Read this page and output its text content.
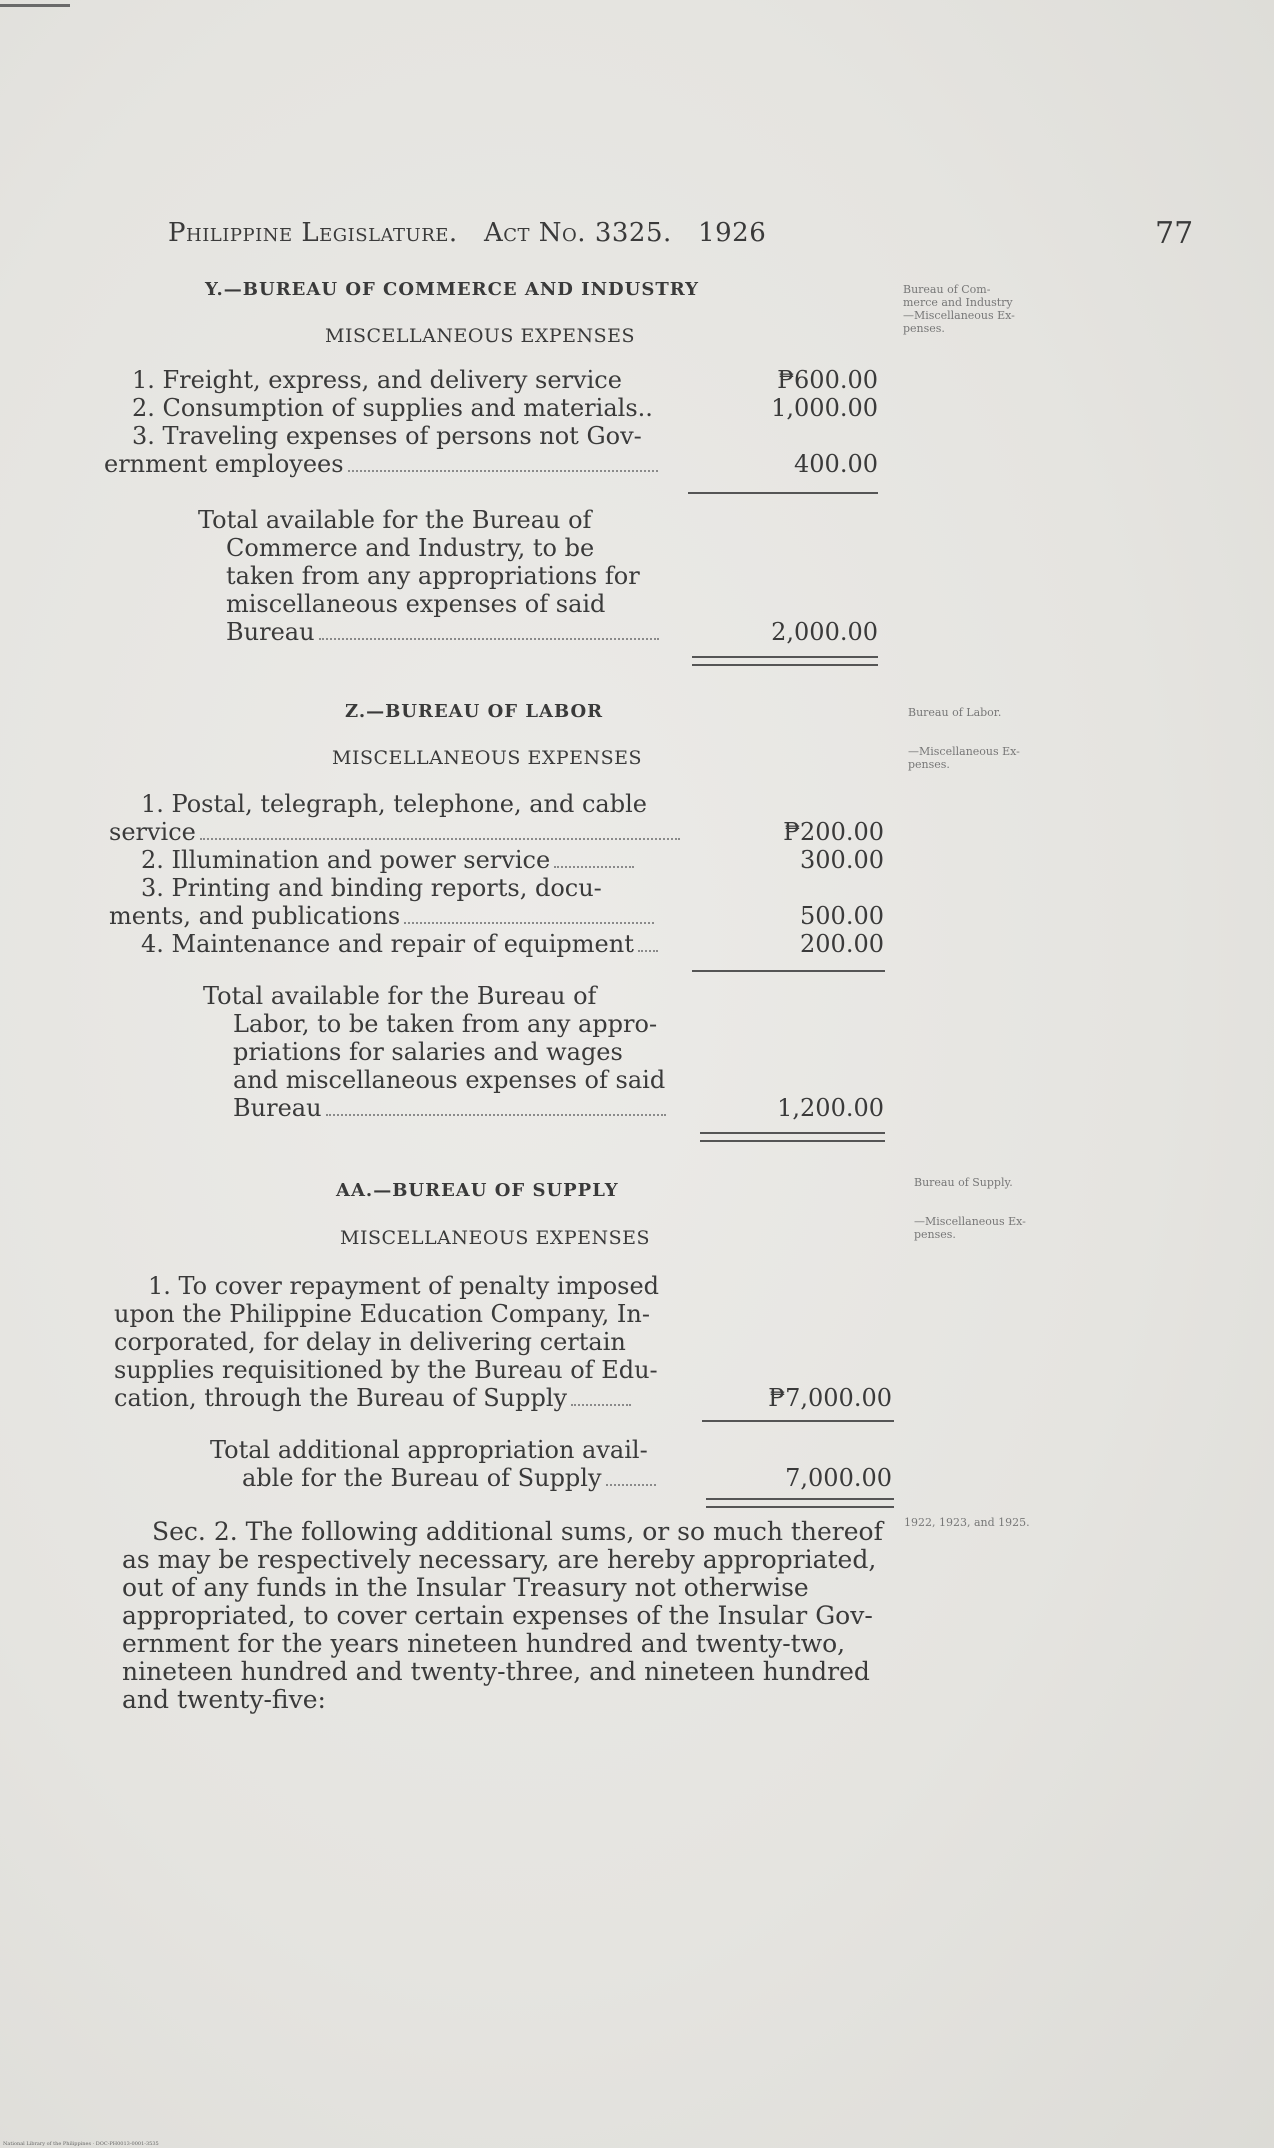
Philippine Legislature. Act No. 3325. 1926	77
Y.—BUREAU OF COMMERCE AND INDUSTRY
MISCELLANEOUS EXPENSES
Bureau of Com-
merce and Industry
—Miscellaneous Ex-
penses.
1. Freight, express, and delivery service	₱600.00
2. Consumption of supplies and materials..	1,000.00
3. Traveling expenses of persons not Gov-
ernment employees	400.00
Total available for the Bureau of
Commerce and Industry, to be
taken from any appropriations for
miscellaneous expenses of said
Bureau	2,000.00
Z.—BUREAU OF LABOR
MISCELLANEOUS EXPENSES
Bureau of Labor.
—Miscellaneous Ex-
penses.
1. Postal, telegraph, telephone, and cable
service	₱200.00
2. Illumination and power service	300.00
3. Printing and binding reports, docu-
ments, and publications	500.00
4. Maintenance and repair of equipment	200.00
Total available for the Bureau of
Labor, to be taken from any appro-
priations for salaries and wages
and miscellaneous expenses of said
Bureau	1,200.00
AA.—BUREAU OF SUPPLY
MISCELLANEOUS EXPENSES
Bureau of Supply.
—Miscellaneous Ex-
penses.
1. To cover repayment of penalty imposed
upon the Philippine Education Company, In-
corporated, for delay in delivering certain
supplies requisitioned by the Bureau of Edu-
cation, through the Bureau of Supply	₱7,000.00
Total additional appropriation avail-
able for the Bureau of Supply	7,000.00
1922, 1923, and 1925.
Sec. 2. The following additional sums, or so much thereof
as may be respectively necessary, are hereby appropriated,
out of any funds in the Insular Treasury not otherwise
appropriated, to cover certain expenses of the Insular Gov-
ernment for the years nineteen hundred and twenty-two,
nineteen hundred and twenty-three, and nineteen hundred
and twenty-five:
National Library of the Philippines · DOC-PH0013-0001-3535
